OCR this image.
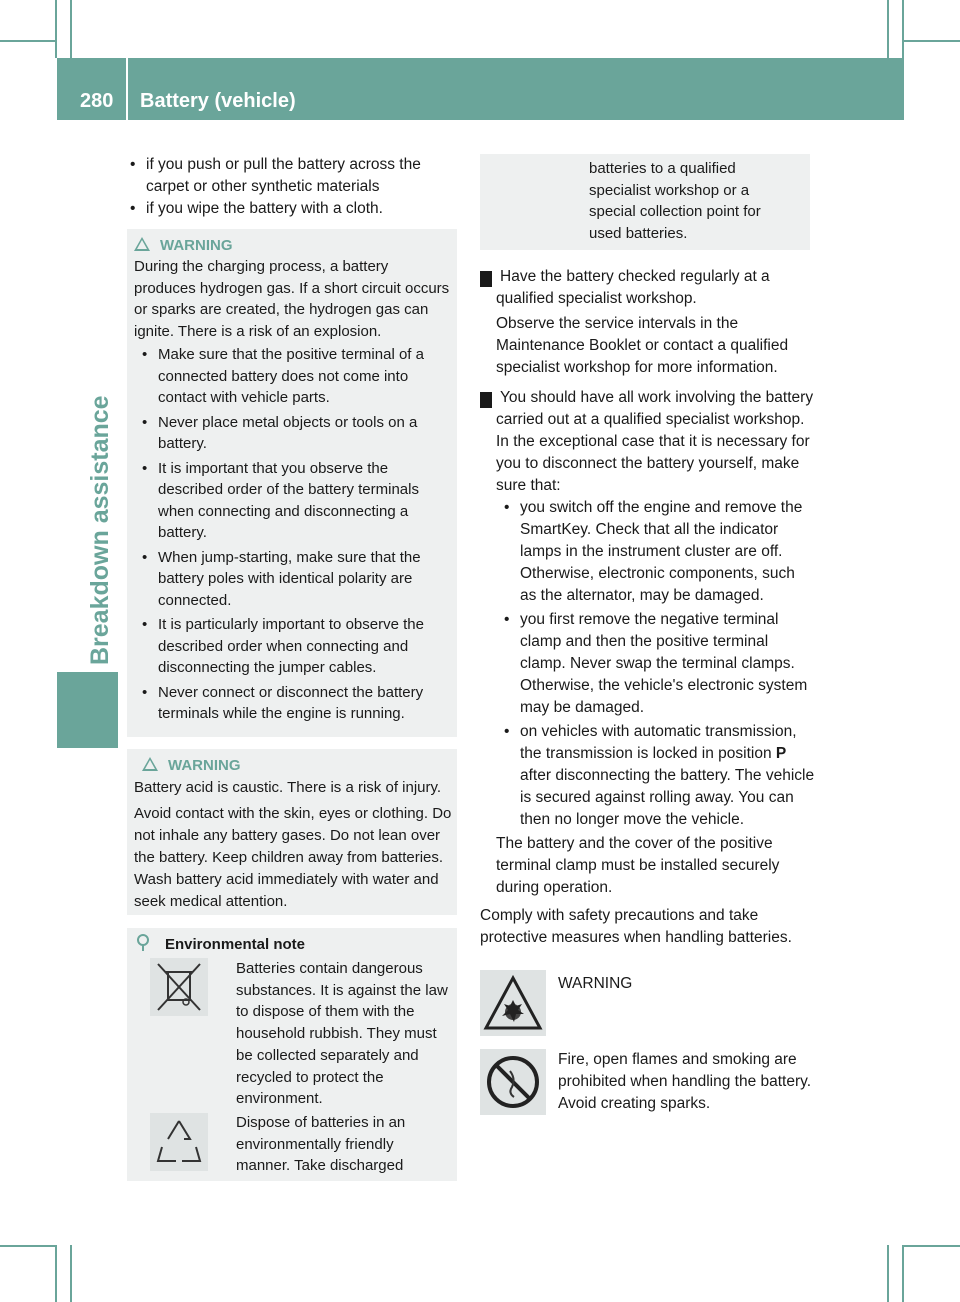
280 Battery (vehicle)
Breakdown assistance
• if you push or pull the battery across the carpet or other synthetic materials
• if you wipe the battery with a cloth.
WARNING

During the charging process, a battery produces hydrogen gas. If a short circuit occurs or sparks are created, the hydrogen gas can ignite. There is a risk of an explosion.

• Make sure that the positive terminal of a connected battery does not come into contact with vehicle parts.
• Never place metal objects or tools on a battery.
• It is important that you observe the described order of the battery terminals when connecting and disconnecting a battery.
• When jump-starting, make sure that the battery poles with identical polarity are connected.
• It is particularly important to observe the described order when connecting and disconnecting the jumper cables.
• Never connect or disconnect the battery terminals while the engine is running.
WARNING

Battery acid is caustic. There is a risk of injury.

Avoid contact with the skin, eyes or clothing. Do not inhale any battery gases. Do not lean over the battery. Keep children away from batteries. Wash battery acid immediately with water and seek medical attention.

Environmental note

Batteries contain dangerous substances. It is against the law to dispose of them with the household rubbish. They must be collected separately and recycled to protect the environment.

Dispose of batteries in an environmentally friendly manner. Take discharged

batteries to a qualified specialist workshop or a special collection point for used batteries.

! Have the battery checked regularly at a qualified specialist workshop.

Observe the service intervals in the Maintenance Booklet or contact a qualified specialist workshop for more information.

! You should have all work involving the battery carried out at a qualified specialist workshop. In the exceptional case that it is necessary for you to disconnect the battery yourself, make sure that:

• you switch off the engine and remove the SmartKey. Check that all the indicator lamps in the instrument cluster are off. Otherwise, electronic components, such as the alternator, may be damaged.
• you first remove the negative terminal clamp and then the positive terminal clamp. Never swap the terminal clamps. Otherwise, the vehicle's electronic system may be damaged.
• on vehicles with automatic transmission, the transmission is locked in position P after disconnecting the battery. The vehicle is secured against rolling away. You can then no longer move the vehicle.

The battery and the cover of the positive terminal clamp must be installed securely during operation.

Comply with safety precautions and take protective measures when handling batteries.

WARNING

Fire, open flames and smoking are prohibited when handling the battery. Avoid creating sparks.
